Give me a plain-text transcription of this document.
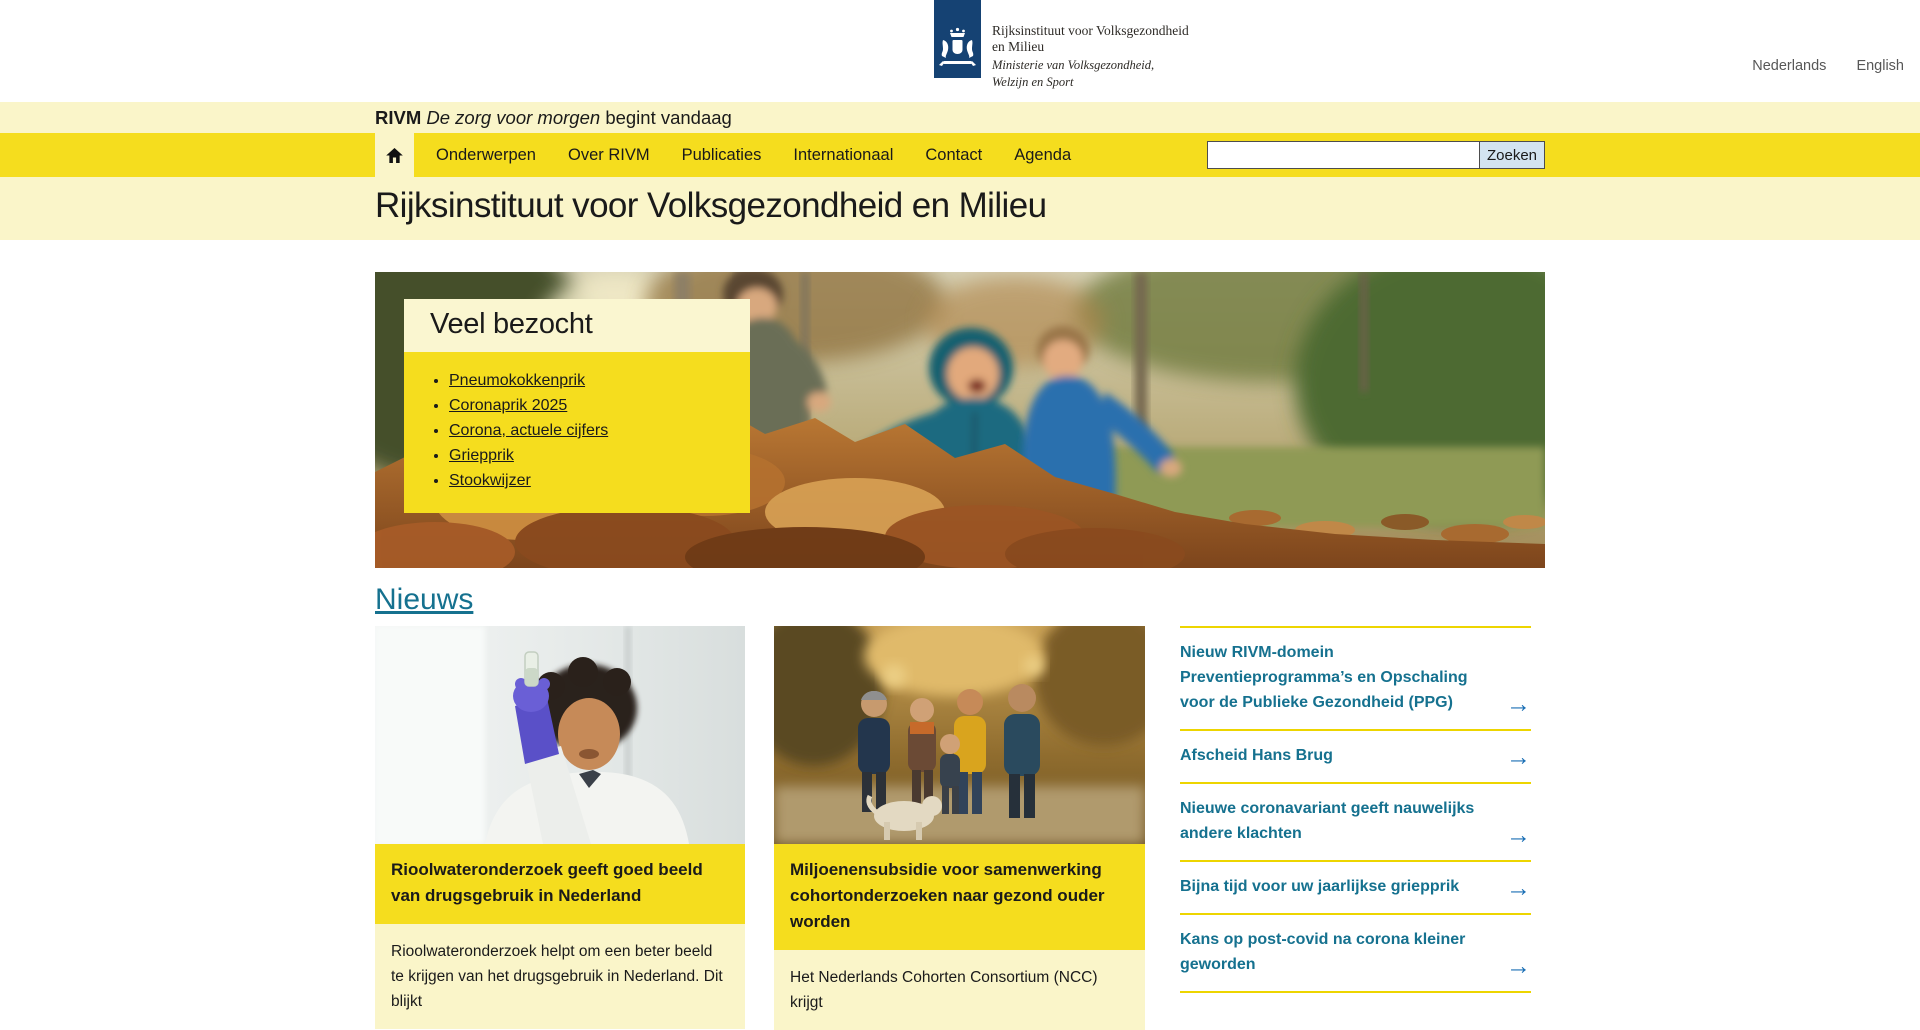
Rijksinstituut voor Volksgezondheid
en Milieu
Ministerie van Volksgezondheid,
Welzijn en Sport
Nederlands English
RIVM De zorg voor morgen begint vandaag
Onderwerpen	Over RIVM	Publicaties	Internationaal	Contact	Agenda	Zoeken
Rijksinstituut voor Volksgezondheid en Milieu
Veel bezocht
• Pneumokokkenprik
• Coronaprik 2025
• Corona, actuele cijfers
• Griepprik
• Stookwijzer
Nieuws
Rioolwateronderzoek geeft goed beeld van drugsgebruik in Nederland
Rioolwateronderzoek helpt om een beter beeld te krijgen van het drugsgebruik in Nederland. Dit blijkt
Miljoenensubsidie voor samenwerking cohortonderzoeken naar gezond ouder worden
Het Nederlands Cohorten Consortium (NCC) krijgt
Nieuw RIVM-domein Preventieprogramma’s en Opschaling voor de Publieke Gezondheid (PPG)	→
Afscheid Hans Brug	→
Nieuwe coronavariant geeft nauwelijks andere klachten	→
Bijna tijd voor uw jaarlijkse griepprik →
Kans op post-covid na corona kleiner geworden	→
